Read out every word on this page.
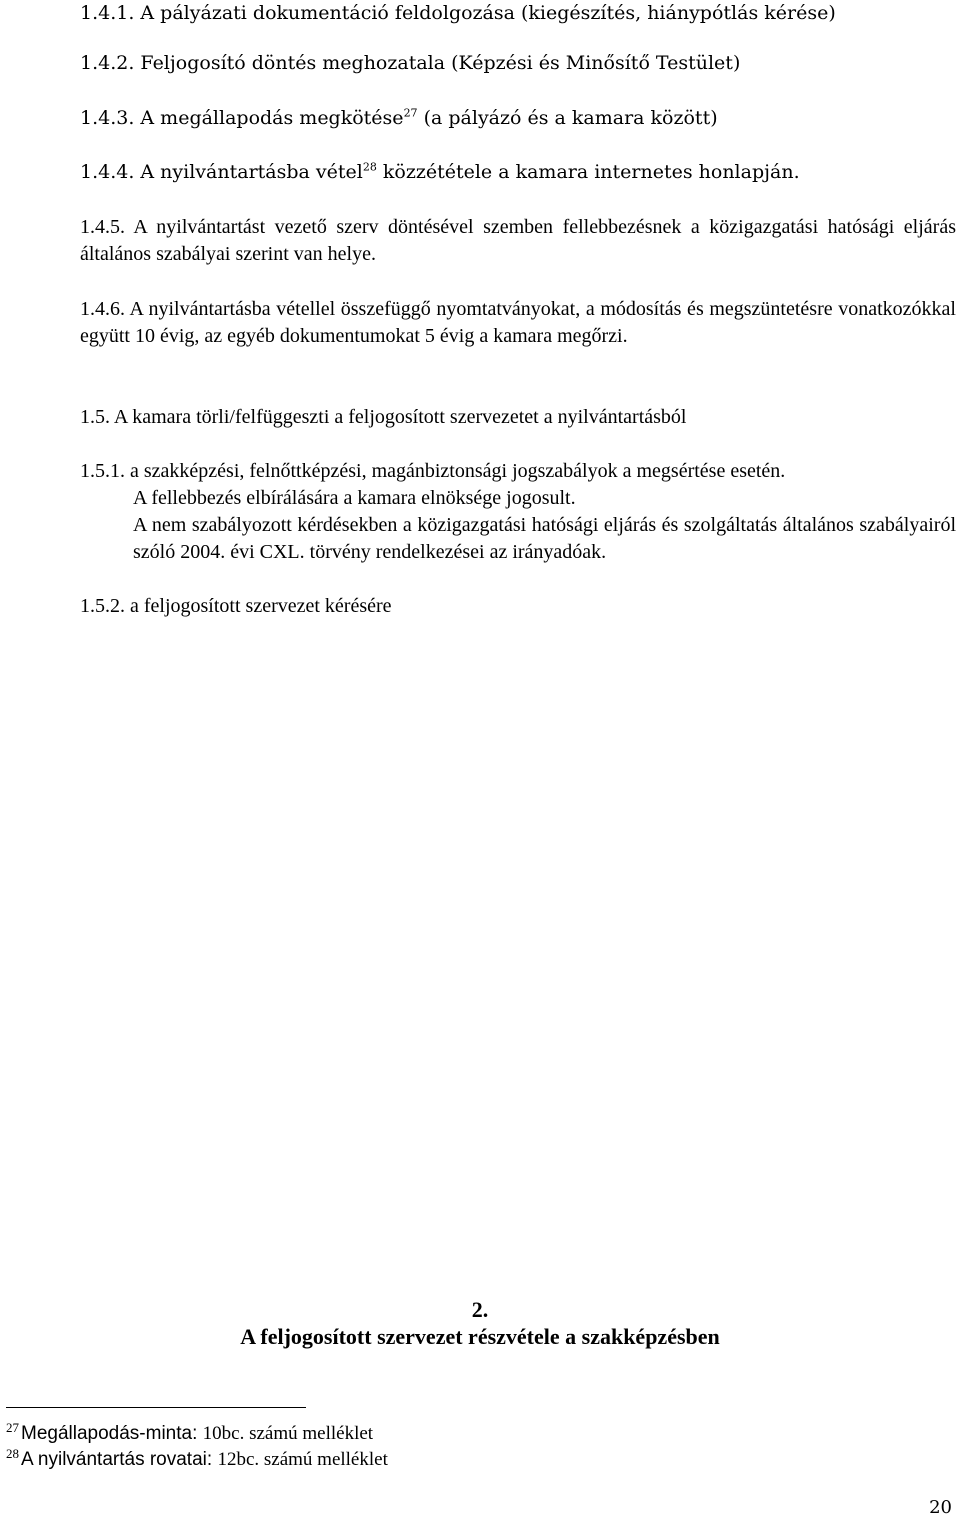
1.4.1. A pályázati dokumentáció feldolgozása (kiegészítés, hiánypótlás kérése)

1.4.2. Feljogosító döntés meghozatala (Képzési és Minősítő Testület)

1.4.3. A megállapodás megkötése$^{27}$ (a pályázó és a kamara között)

1.4.4. A nyilvántartásba vétel$^{28}$ közzététele a kamara internetes honlapján.

1.4.5. A nyilvántartást vezető szerv döntésével szemben fellebbezésnek a közigazgatási hatósági eljárás általános szabályai szerint van helye.

1.4.6. A nyilvántartásba vétellel összefüggő nyomtatványokat, a módosítás és megszüntetésre vonatkozókkal együtt 10 évig, az egyéb dokumentumokat 5 évig a kamara megőrzi.

1.5. A kamara törli/felfüggeszti a feljogosított szervezetet a nyilvántartásból

1.5.1. a szakképzési, felnőttképzési, magánbiztonsági jogszabályok a megsértése esetén.

A fellebbezés elbírálására a kamara elnöksége jogosult.

A nem szabályozott kérdésekben a közigazgatási hatósági eljárás és szolgáltatás általános szabályairól szóló 2004. évi CXL. törvény rendelkezései az irányadóak.

1.5.2. a feljogosított szervezet kérésére

2.

A feljogosított szervezet részvétele a szakképzésben

$^{27}$ Megállapodás-minta: 10bc. számú melléklet

$^{28}$ A nyilvántartás rovatai: 12bc. számú melléklet

20
